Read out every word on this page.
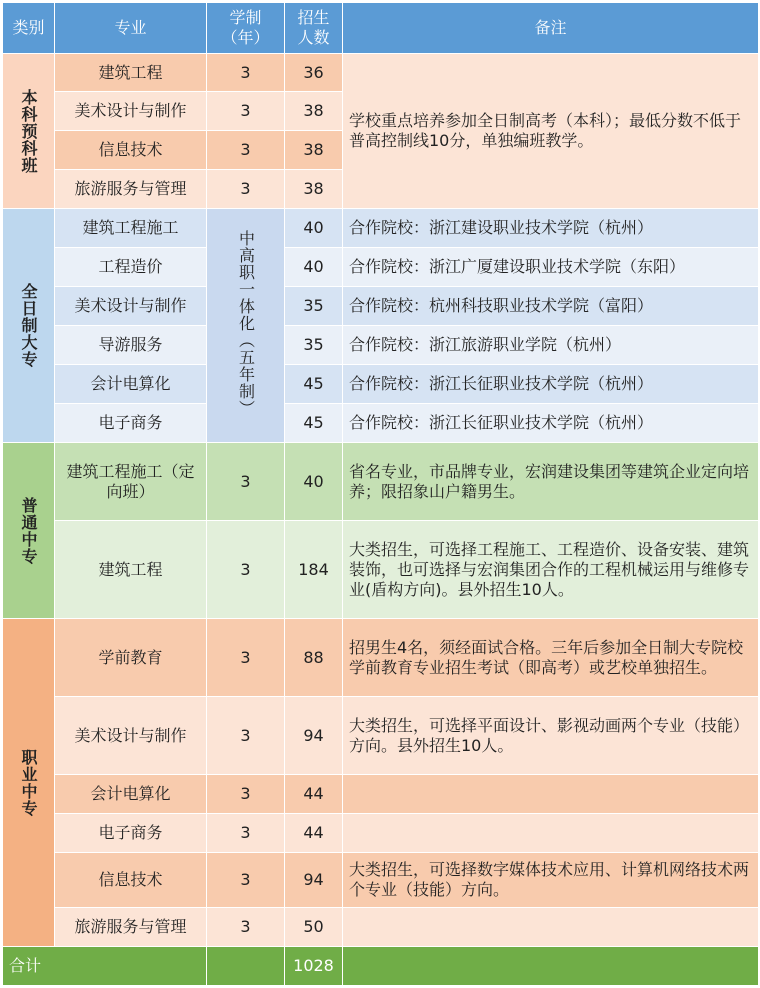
类别	专业	学制（年）	招生人数	备注

本科预科班	建筑工程	3	36	学校重点培养参加全日制高考（本科）；最低分数不低于普高控制线10分，单独编班教学。
	美术设计与制作	3	38	
	信息技术	3	38	
	旅游服务与管理	3	38	

全日制大专	建筑工程施工	中高职一体化（五年制）	40	合作院校：浙江建设职业技术学院（杭州）
	工程造价		40	合作院校：浙江广厦建设职业技术学院（东阳）
	美术设计与制作		35	合作院校：杭州科技职业技术学院（富阳）
	导游服务		35	合作院校：浙江旅游职业学院（杭州）
	会计电算化		45	合作院校：浙江长征职业技术学院（杭州）
	电子商务		45	合作院校：浙江长征职业技术学院（杭州）

普通中专	建筑工程施工（定向班）	3	40	省名专业，市品牌专业，宏润建设集团等建筑企业定向培养；限招象山户籍男生。
	建筑工程	3	184	大类招生，可选择工程施工、工程造价、设备安装、建筑装饰，也可选择与宏润集团合作的工程机械运用与维修专业(盾构方向)。县外招生10人。

职业中专	学前教育	3	88	招男生4名，须经面试合格。三年后参加全日制大专院校学前教育专业招生考试（即高考）或艺校单独招生。
	美术设计与制作	3	94	大类招生，可选择平面设计、影视动画两个专业（技能）方向。县外招生10人。
	会计电算化	3	44	
	电子商务	3	44	
	信息技术	3	94	大类招生，可选择数字媒体技术应用、计算机网络技术两个专业（技能）方向。
	旅游服务与管理	3	50	
合计			1028	
